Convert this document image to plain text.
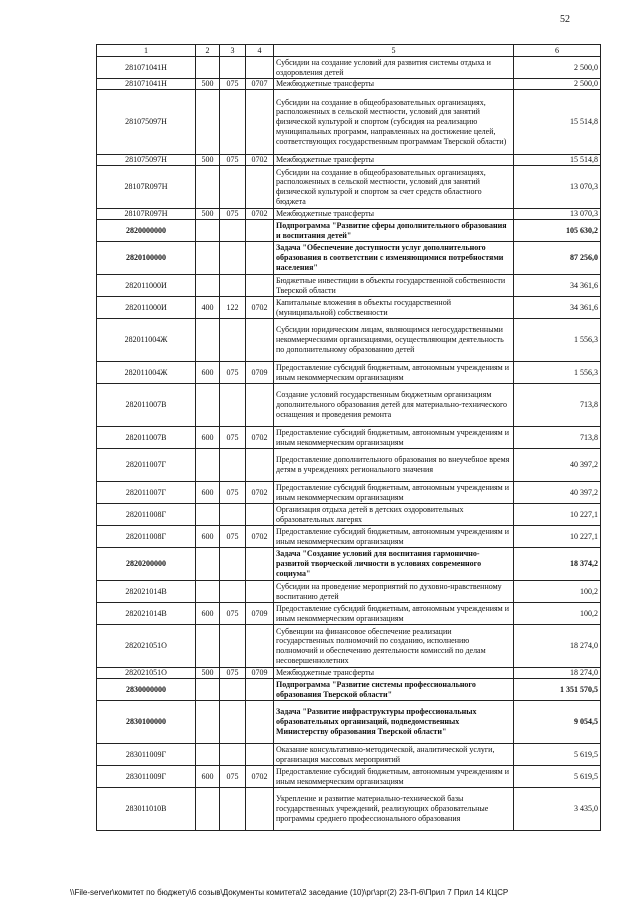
52
1	2	3	4	5	6
281071041Н				Субсидии на создание условий для развития системы отдыха и оздоровления детей	2 500,0
281071041Н	500	075	0707	Межбюджетные трансферты	2 500,0
281075097Н				Субсидии на создание в общеобразовательных организациях, расположенных в сельской местности, условий для занятий физической культурой и спортом (субсидия на реализацию муниципальных программ, направленных на достижение целей, соответствующих государственным программам Тверской области)	15 514,8
281075097Н	500	075	0702	Межбюджетные трансферты	15 514,8
28107R097Н				Субсидии на создание в общеобразовательных организациях, расположенных в сельской местности, условий для занятий физической культурой и спортом за счет средств областного бюджета	13 070,3
28107R097Н	500	075	0702	Межбюджетные трансферты	13 070,3
2820000000				Подпрограмма "Развитие сферы дополнительного образования и воспитания детей"	105 630,2
2820100000				Задача "Обеспечение доступности услуг дополнительного образования в соответствии с изменяющимися потребностями населения"	87 256,0
282011000И				Бюджетные инвестиции в объекты государственной собственности Тверской области	34 361,6
282011000И	400	122	0702	Капитальные вложения в объекты государственной (муниципальной) собственности	34 361,6
282011004Ж				Субсидии юридическим лицам, являющимся негосударственными некоммерческими организациями, осуществляющим деятельность по дополнительному образованию детей	1 556,3
282011004Ж	600	075	0709	Предоставление субсидий бюджетным, автономным учреждениям и иным некоммерческим организациям	1 556,3
282011007В				Создание условий государственным бюджетным организациям дополнительного образования детей для материально-технического оснащения и проведения ремонта	713,8
282011007В	600	075	0702	Предоставление субсидий бюджетным, автономным учреждениям и иным некоммерческим организациям	713,8
282011007Г				Предоставление дополнительного образования во внеучебное время детям в учреждениях регионального значения	40 397,2
282011007Г	600	075	0702	Предоставление субсидий бюджетным, автономным учреждениям и иным некоммерческим организациям	40 397,2
282011008Г				Организация отдыха детей в детских оздоровительных образовательных лагерях	10 227,1
282011008Г	600	075	0702	Предоставление субсидий бюджетным, автономным учреждениям и иным некоммерческим организациям	10 227,1
2820200000				Задача "Создание условий для воспитания гармонично-развитой творческой личности в условиях современного социума"	18 374,2
282021014В				Субсидии на проведение мероприятий по духовно-нравственному воспитанию детей	100,2
282021014В	600	075	0709	Предоставление субсидий бюджетным, автономным учреждениям и иным некоммерческим организациям	100,2
282021051О				Субвенции на финансовое обеспечение реализации государственных полномочий по созданию, исполнению полномочий и обеспечению деятельности комиссий по делам несовершеннолетних	18 274,0
282021051О	500	075	0709	Межбюджетные трансферты	18 274,0
2830000000				Подпрограмма "Развитие системы профессионального образования Тверской области"	1 351 570,5
2830100000				Задача "Развитие инфраструктуры профессиональных образовательных организаций, подведомственных Министерству образования Тверской области"	9 054,5
283011009Г				Оказание консультативно-методической, аналитической услуги, организация массовых мероприятий	5 619,5
283011009Г	600	075	0702	Предоставление субсидий бюджетным, автономным учреждениям и иным некоммерческим организациям	5 619,5
283011010В				Укрепление и развитие материально-технической базы государственных учреждений, реализующих образовательные программы среднего профессионального образования	3 435,0
\\File-server\комитет по бюджету\6 созыв\Документы комитета\2 заседание (10)\рг\зрг(2) 23-П-6\Прил 7 Прил 14 КЦСР
